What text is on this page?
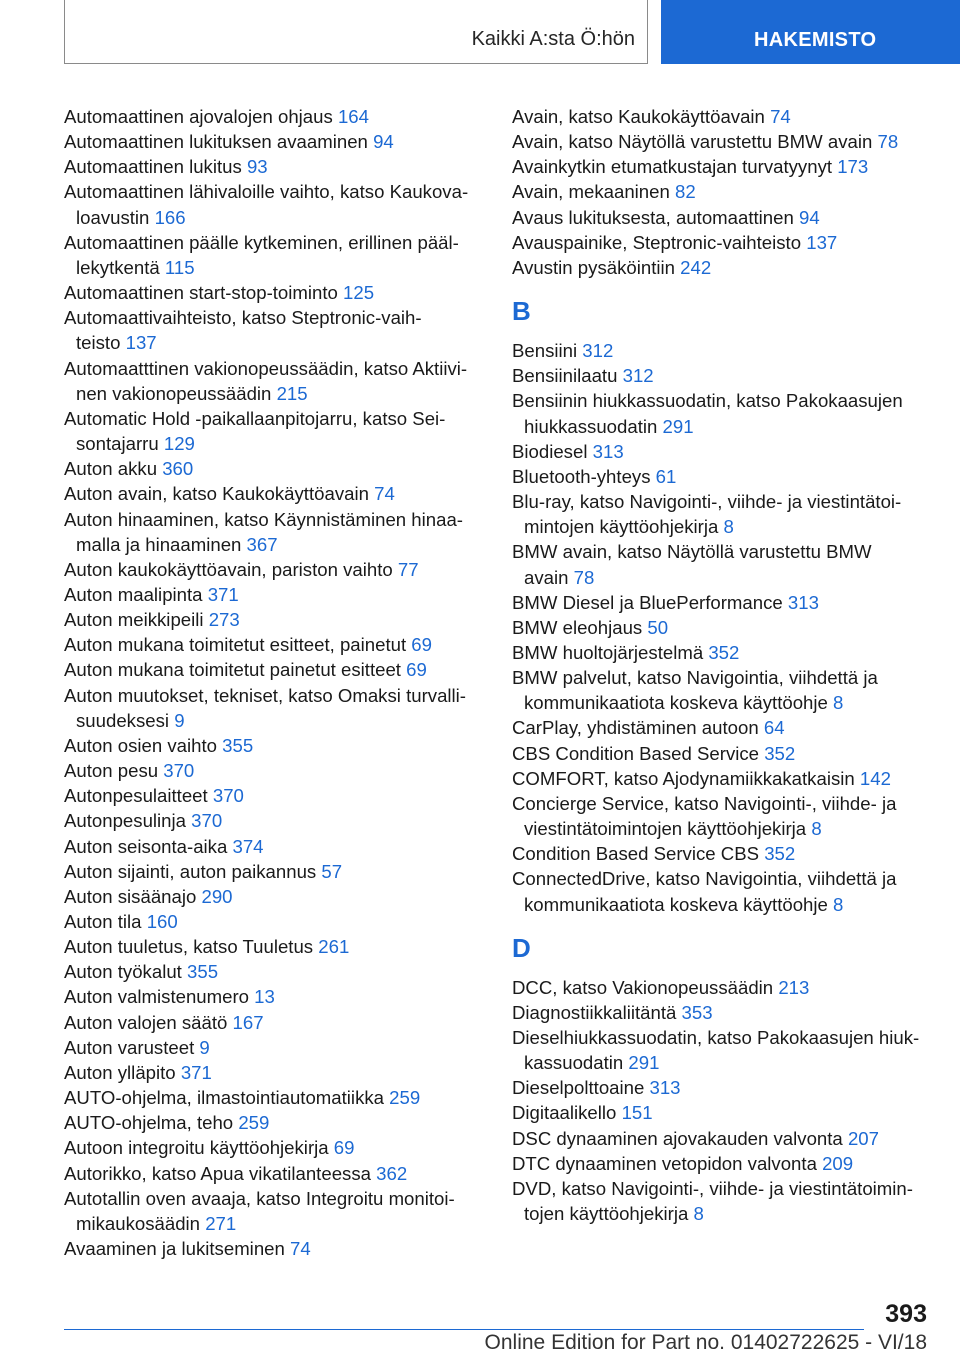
Kaikki A:sta Ö:hön	HAKEMISTO
Automaattinen ajovalojen ohjaus 164
Automaattinen lukituksen avaaminen 94
Automaattinen lukitus 93
Automaattinen lähivaloille vaihto, katso Kaukova-
loavustin 166
Automaattinen päälle kytkeminen, erillinen pääl-
lekytkentä 115
Automaattinen start-stop-toiminto 125
Automaattivaihteisto, katso Steptronic-vaih-
teisto 137
Automaatttinen vakionopeussäädin, katso Aktiivi-
nen vakionopeussäädin 215
Automatic Hold -paikallaanpitojarru, katso Sei-
sontajarru 129
Auton akku 360
Auton avain, katso Kaukokäyttöavain 74
Auton hinaaminen, katso Käynnistäminen hinaa-
malla ja hinaaminen 367
Auton kaukokäyttöavain, pariston vaihto 77
Auton maalipinta 371
Auton meikkipeili 273
Auton mukana toimitetut esitteet, painetut 69
Auton mukana toimitetut painetut esitteet 69
Auton muutokset, tekniset, katso Omaksi turvalli-
suudeksesi 9
Auton osien vaihto 355
Auton pesu 370
Autonpesulaitteet 370
Autonpesulinja 370
Auton seisonta-aika 374
Auton sijainti, auton paikannus 57
Auton sisäänajo 290
Auton tila 160
Auton tuuletus, katso Tuuletus 261
Auton työkalut 355
Auton valmistenumero 13
Auton valojen säätö 167
Auton varusteet 9
Auton ylläpito 371
AUTO-ohjelma, ilmastointiautomatiikka 259
AUTO-ohjelma, teho 259
Autoon integroitu käyttöohjekirja 69
Autorikko, katso Apua vikatilanteessa 362
Autotallin oven avaaja, katso Integroitu monitoi-
mikaukosäädin 271
Avaaminen ja lukitseminen 74
Avain, katso Kaukokäyttöavain 74
Avain, katso Näytöllä varustettu BMW avain 78
Avainkytkin etumatkustajan turvatyynyt 173
Avain, mekaaninen 82
Avaus lukituksesta, automaattinen 94
Avauspainike, Steptronic-vaihteisto 137
Avustin pysäköintiin 242
B
Bensiini 312
Bensiinilaatu 312
Bensiinin hiukkassuodatin, katso Pakokaasujen
hiukkassuodatin 291
Biodiesel 313
Bluetooth-yhteys 61
Blu-ray, katso Navigointi-, viihde- ja viestintätoi-
mintojen käyttöohjekirja 8
BMW avain, katso Näytöllä varustettu BMW
avain 78
BMW Diesel ja BluePerformance 313
BMW eleohjaus 50
BMW huoltojärjestelmä 352
BMW palvelut, katso Navigointia, viihdettä ja
kommunikaatiota koskeva käyttöohje 8
CarPlay, yhdistäminen autoon 64
CBS Condition Based Service 352
COMFORT, katso Ajodynamiikkakatkaisin 142
Concierge Service, katso Navigointi-, viihde- ja
viestintätoimintojen käyttöohjekirja 8
Condition Based Service CBS 352
ConnectedDrive, katso Navigointia, viihdettä ja
kommunikaatiota koskeva käyttöohje 8
D
DCC, katso Vakionopeussäädin 213
Diagnostiikkaliitäntä 353
Dieselhiukkassuodatin, katso Pakokaasujen hiuk-
kassuodatin 291
Dieselpolttoaine 313
Digitaalikello 151
DSC dynaaminen ajovakauden valvonta 207
DTC dynaaminen vetopidon valvonta 209
DVD, katso Navigointi-, viihde- ja viestintätoimin-
tojen käyttöohjekirja 8
393
Online Edition for Part no. 01402722625 - VI/18
